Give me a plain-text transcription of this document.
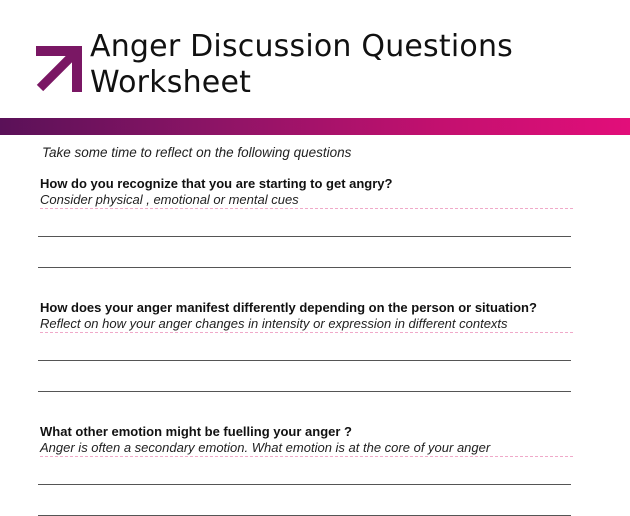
Anger Discussion Questions
Worksheet
Take some time to reflect on the following questions
How do you recognize that you are starting to get angry?
Consider physical , emotional or mental cues
How does your anger manifest differently depending on the person or situation?
Reflect on how your anger changes in intensity or expression in different contexts
What other emotion might be fuelling your anger ?
Anger is often a secondary emotion. What emotion is at the core of your anger
